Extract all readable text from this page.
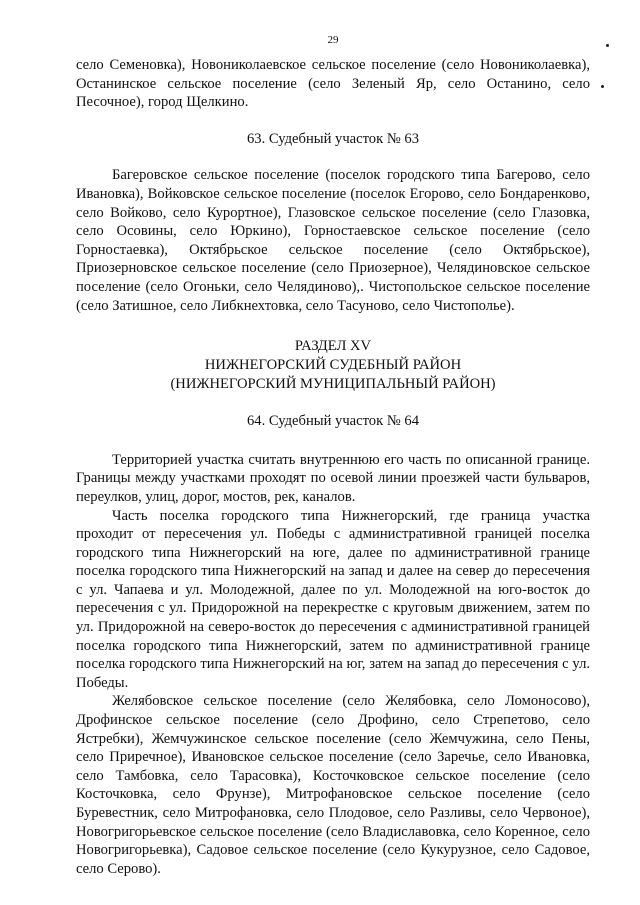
29

село Семеновка), Новониколаевское сельское поселение (село Новониколаевка), Останинское сельское поселение (село Зеленый Яр, село Останино, село Песочное), город Щелкино.

63. Судебный участок № 63

Багеровское сельское поселение (поселок городского типа Багерово, село Ивановка), Войковское сельское поселение (поселок Егорово, село Бондаренково, село Войково, село Курортное), Глазовское сельское поселение (село Глазовка, село Осовины, село Юркино), Горностаевское сельское поселение (село Горностаевка), Октябрьское сельское поселение (село Октябрьское), Приозерновское сельское поселение (село Приозерное), Челядиновское сельское поселение (село Огоньки, село Челядиново),. Чистопольское сельское поселение (село Затишное, село Либкнехтовка, село Тасуново, село Чистополье).

РАЗДЕЛ XV
НИЖНЕГОРСКИЙ СУДЕБНЫЙ РАЙОН
(НИЖНЕГОРСКИЙ МУНИЦИПАЛЬНЫЙ РАЙОН)

64. Судебный участок № 64

Территорией участка считать внутреннюю его часть по описанной границе. Границы между участками проходят по осевой линии проезжей части бульваров, переулков, улиц, дорог, мостов, рек, каналов.

Часть поселка городского типа Нижнегорский, где граница участка проходит от пересечения ул. Победы с административной границей поселка городского типа Нижнегорский на юге, далее по административной границе поселка городского типа Нижнегорский на запад и далее на север до пересечения с ул. Чапаева и ул. Молодежной, далее по ул. Молодежной на юго-восток до пересечения с ул. Придорожной на перекрестке с круговым движением, затем по ул. Придорожной на северо-восток до пересечения с административной границей поселка городского типа Нижнегорский, затем по административной границе поселка городского типа Нижнегорский на юг, затем на запад до пересечения с ул. Победы.

Желябовское сельское поселение (село Желябовка, село Ломоносово), Дрофинское сельское поселение (село Дрофино, село Стрепетово, село Ястребки), Жемчужинское сельское поселение (село Жемчужина, село Пены, село Приречное), Ивановское сельское поселение (село Заречье, село Ивановка, село Тамбовка, село Тарасовка), Косточковское сельское поселение (село Косточковка, село Фрунзе), Митрофановское сельское поселение (село Буревестник, село Митрофановка, село Плодовое, село Разливы, село Червоное), Новогригорьевское сельское поселение (село Владиславовка, село Коренное, село Новогригорьевка), Садовое сельское поселение (село Кукурузное, село Садовое, село Серово).
